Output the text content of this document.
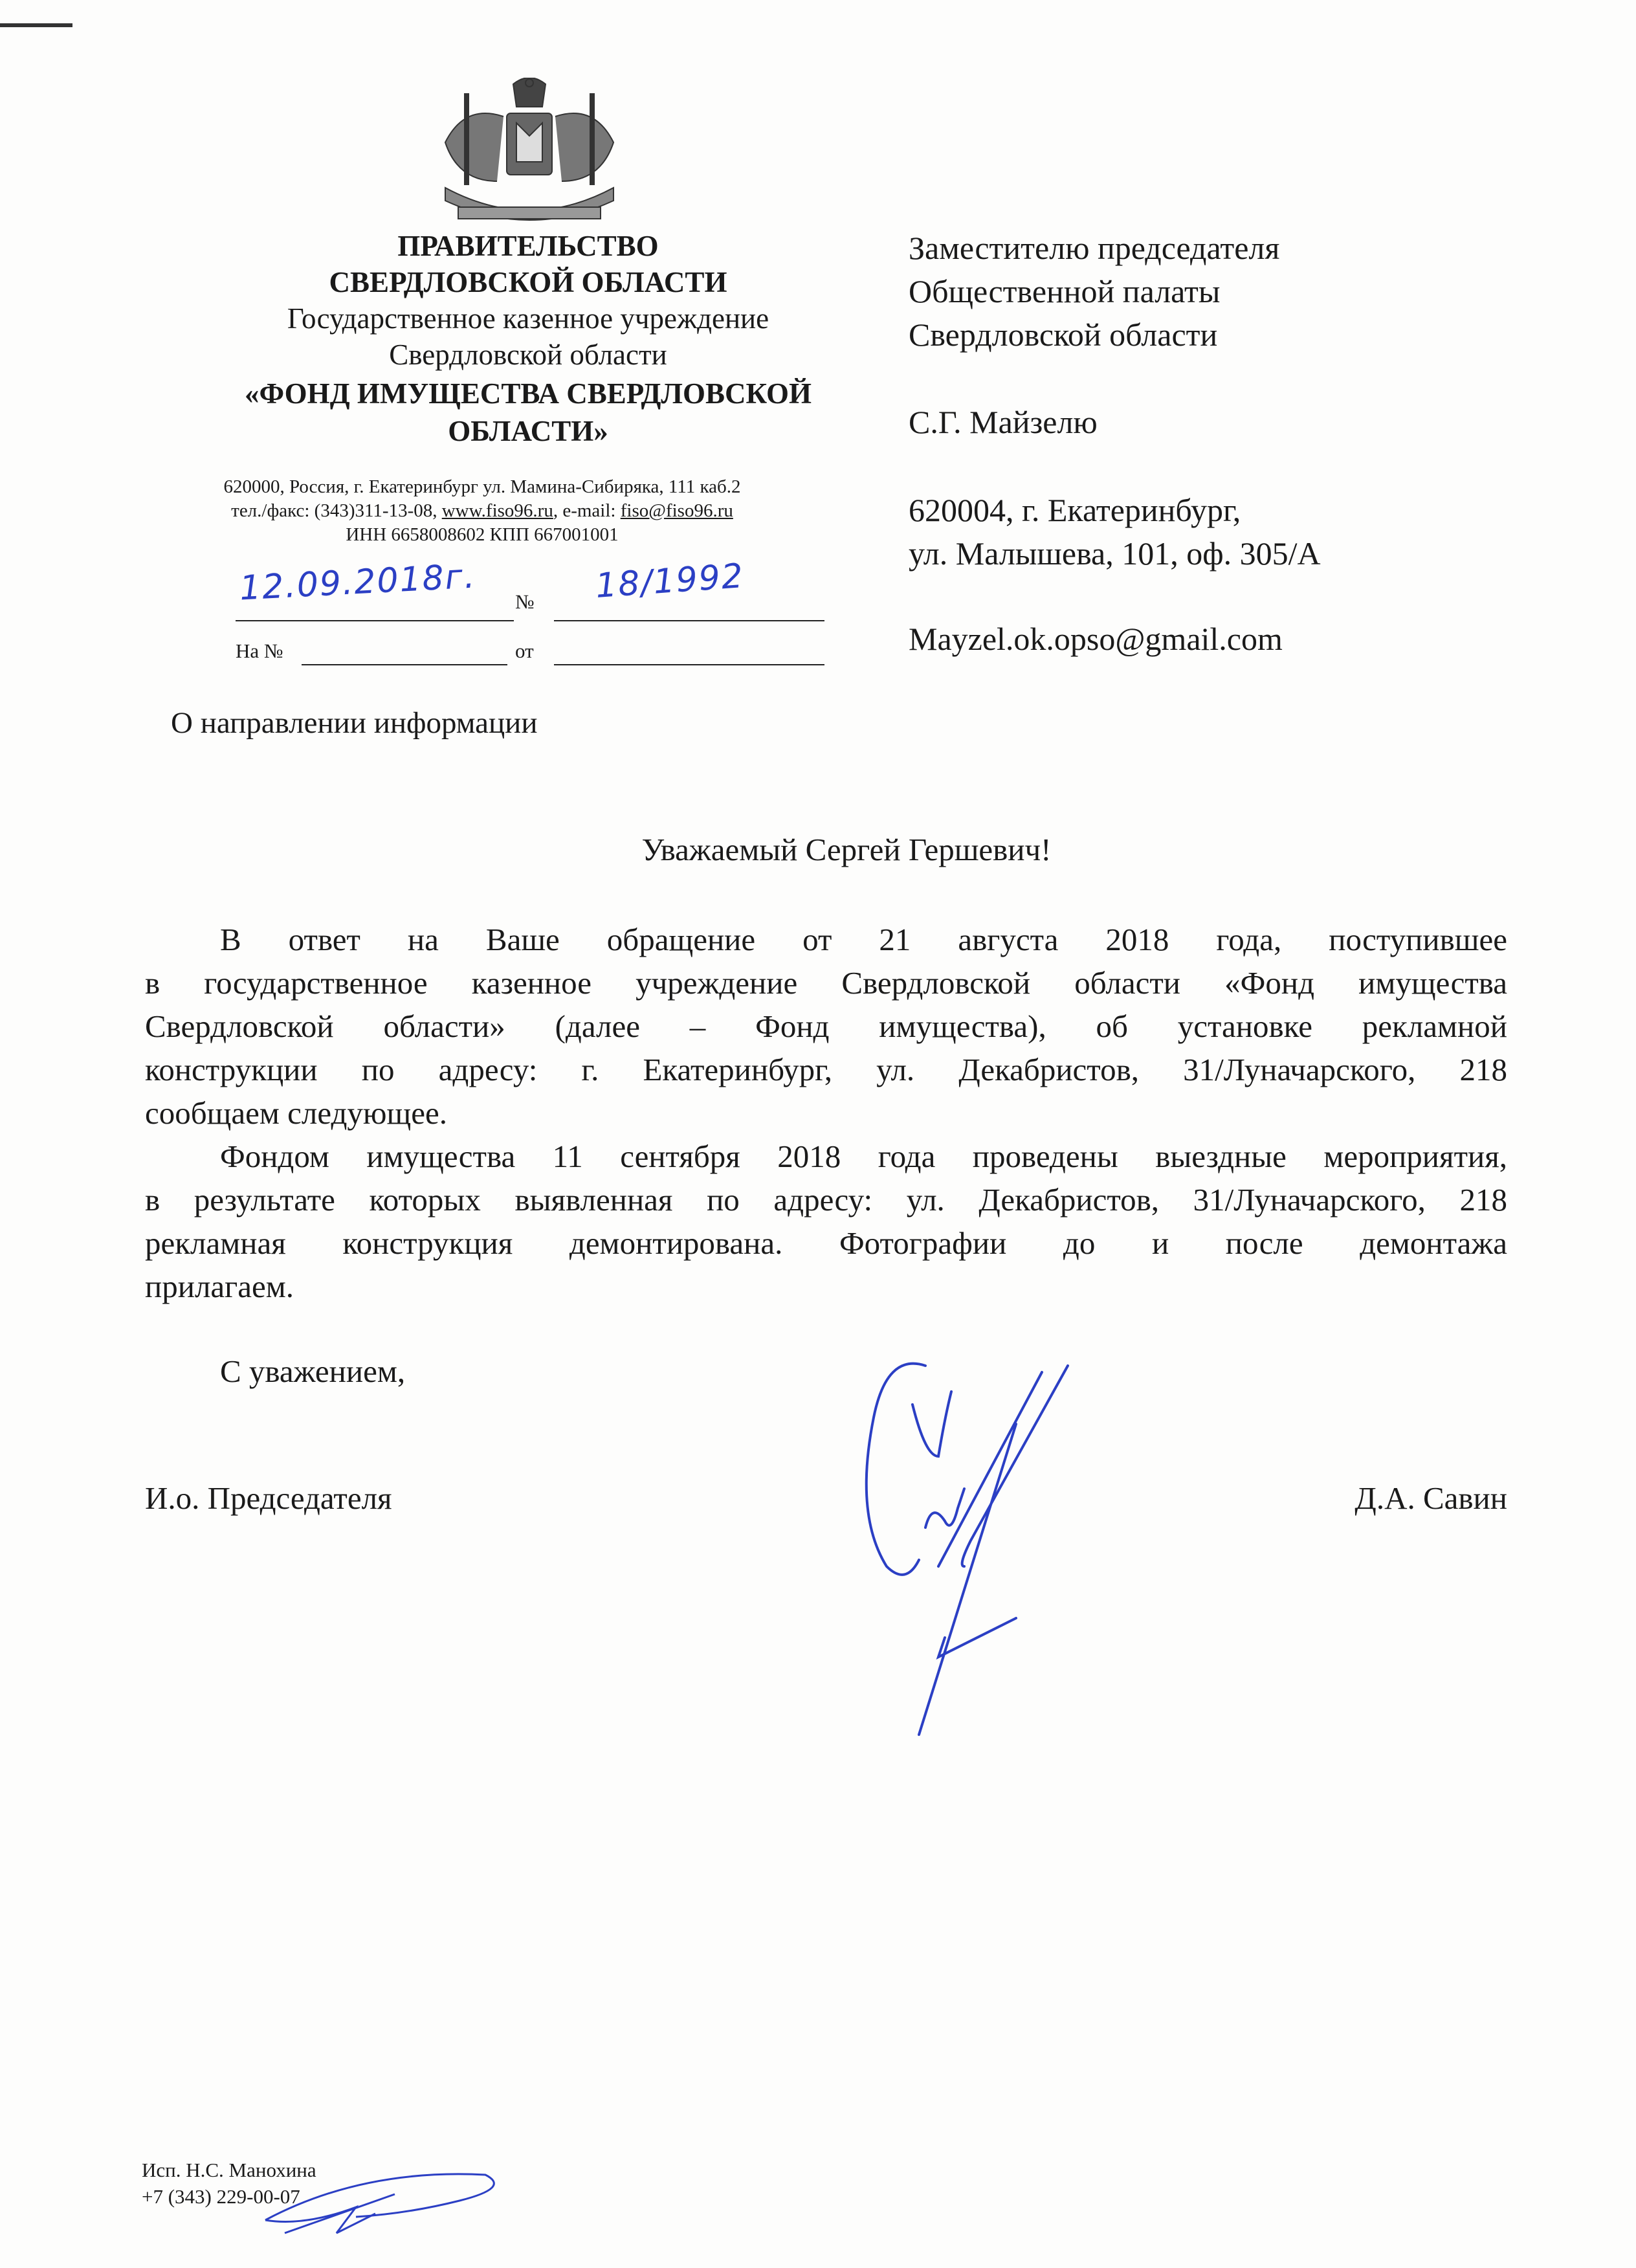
ПРАВИТЕЛЬСТВО
СВЕРДЛОВСКОЙ ОБЛАСТИ
Государственное казенное учреждение
Свердловской области
«ФОНД ИМУЩЕСТВА СВЕРДЛОВСКОЙ
ОБЛАСТИ»
620000, Россия, г. Екатеринбург ул. Мамина-Сибиряка, 111 каб.2
тел./факс: (343)311-13-08, www.fiso96.ru, e-mail: fiso@fiso96.ru
ИНН 6658008602 КПП 667001001
12.09.2018г. № 18/1992
На №	от
О направлении информации
Заместителю председателя
Общественной палаты
Свердловской области
С.Г. Майзелю
620004, г. Екатеринбург,
ул. Малышева, 101, оф. 305/А
Mayzel.ok.opso@gmail.com
Уважаемый Сергей Гершевич!
В ответ на Ваше обращение от 21 августа 2018 года, поступившее
в государственное казенное учреждение Свердловской области «Фонд имущества
Свердловской области» (далее – Фонд имущества), об установке рекламной
конструкции по адресу: г. Екатеринбург, ул. Декабристов, 31/Луначарского, 218
сообщаем следующее.
Фондом имущества 11 сентября 2018 года проведены выездные мероприятия,
в результате которых выявленная по адресу: ул. Декабристов, 31/Луначарского, 218
рекламная конструкция демонтирована. Фотографии до и после демонтажа
прилагаем.
С уважением,
И.о. Председателя	Д.А. Савин
Исп. Н.С. Манохина
+7 (343) 229-00-07
